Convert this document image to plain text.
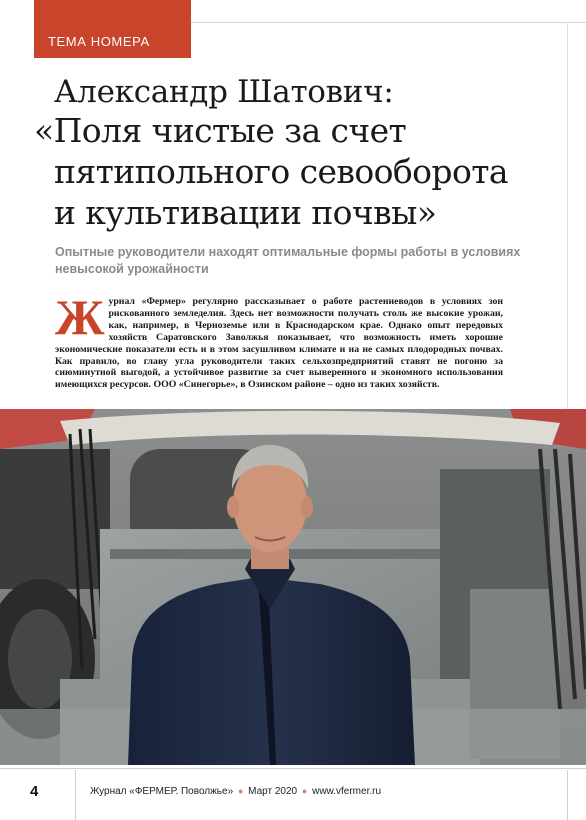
ТЕМА НОМЕРА
Александр Шатович:
«Поля чистые за счет
пятипольного севооборота
и культивации почвы»
Опытные руководители находят оптимальные формы работы в условиях невысокой урожайности
Ж урнал «Фермер» регулярно рассказывает о работе растениеводов в условиях зон рискованного земледелия. Здесь нет возможности получать столь же высокие урожаи, как, например, в Черноземье или в Краснодарском крае. Однако опыт передовых хозяйств Саратовского Заволжья показывает, что возможность иметь хорошие экономические показатели есть и в этом засушливом климате и на не самых плодородных почвах. Как правило, во главу угла руководители таких сельхозпредприятий ставят не погоню за сиюминутной выгодой, а устойчивое развитие за счет выверенного и экономного использования имеющихся ресурсов. ООО «Синегорье», в Озинском районе – одно из таких хозяйств.
4	Журнал «ФЕРМЕР. Поволжье» ● Март 2020 ● www.vfermer.ru
